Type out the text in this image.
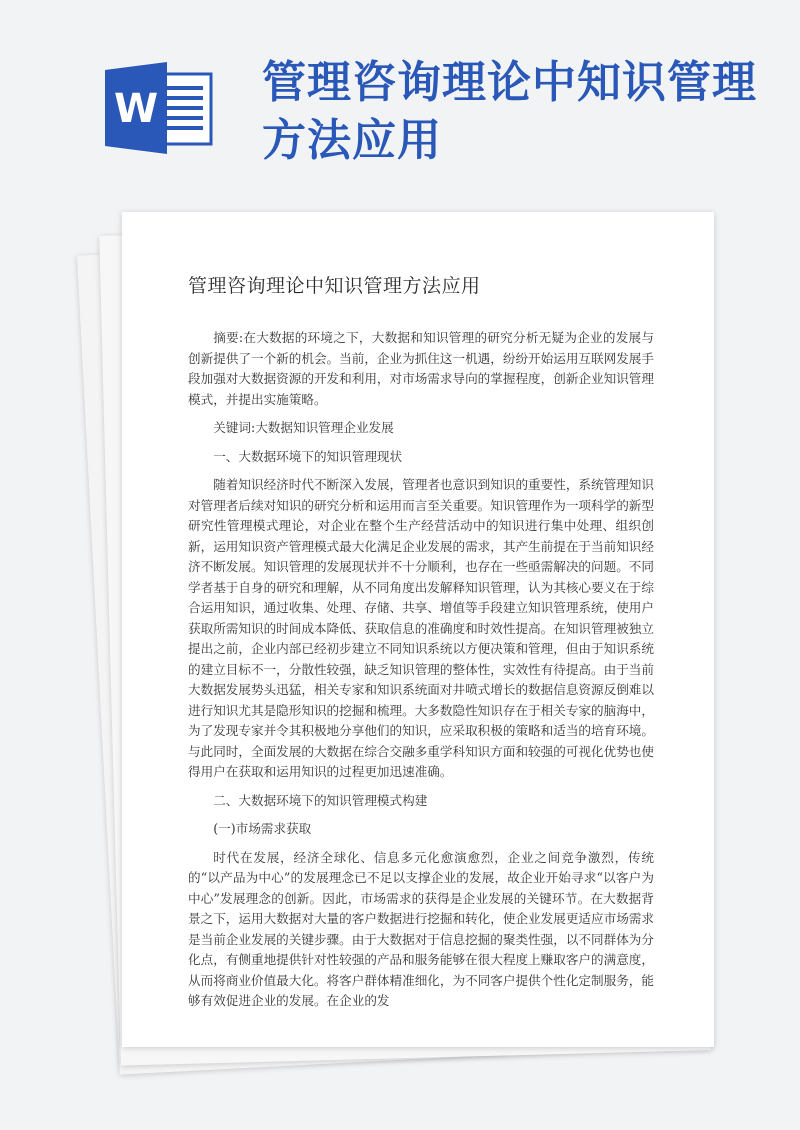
W
管理咨询理论中知识管理方法应用
管理咨询理论中知识管理方法应用

摘要:在大数据的环境之下，大数据和知识管理的研究分析无疑为企业的发展与创新提供了一个新的机会。当前，企业为抓住这一机遇，纷纷开始运用互联网发展手段加强对大数据资源的开发和利用，对市场需求导向的掌握程度，创新企业知识管理模式，并提出实施策略。

关键词:大数据知识管理企业发展

一、大数据环境下的知识管理现状

随着知识经济时代不断深入发展，管理者也意识到知识的重要性，系统管理知识对管理者后续对知识的研究分析和运用而言至关重要。知识管理作为一项科学的新型研究性管理模式理论，对企业在整个生产经营活动中的知识进行集中处理、组织创新，运用知识资产管理模式最大化满足企业发展的需求，其产生前提在于当前知识经济不断发展。知识管理的发展现状并不十分顺利，也存在一些亟需解决的问题。不同学者基于自身的研究和理解，从不同角度出发解释知识管理，认为其核心要义在于综合运用知识，通过收集、处理、存储、共享、增值等手段建立知识管理系统，使用户获取所需知识的时间成本降低、获取信息的准确度和时效性提高。在知识管理被独立提出之前，企业内部已经初步建立不同知识系统以方便决策和管理，但由于知识系统的建立目标不一，分散性较强，缺乏知识管理的整体性，实效性有待提高。由于当前大数据发展势头迅猛，相关专家和知识系统面对井喷式增长的数据信息资源反倒难以进行知识尤其是隐形知识的挖掘和梳理。大多数隐性知识存在于相关专家的脑海中，为了发现专家并令其积极地分享他们的知识，应采取积极的策略和适当的培育环境。与此同时，全面发展的大数据在综合交融多重学科知识方面和较强的可视化优势也使得用户在获取和运用知识的过程更加迅速准确。

二、大数据环境下的知识管理模式构建

(一)市场需求获取

时代在发展，经济全球化、信息多元化愈演愈烈，企业之间竞争激烈，传统的“以产品为中心”的发展理念已不足以支撑企业的发展，故企业开始寻求“以客户为中心”发展理念的创新。因此，市场需求的获得是企业发展的关键环节。在大数据背景之下，运用大数据对大量的客户数据进行挖掘和转化，使企业发展更适应市场需求是当前企业发展的关键步骤。由于大数据对于信息挖掘的聚类性强，以不同群体为分化点，有侧重地提供针对性较强的产品和服务能够在很大程度上赚取客户的满意度，从而将商业价值最大化。将客户群体精准细化，为不同客户提供个性化定制服务，能够有效促进企业的发展。在企业的发
